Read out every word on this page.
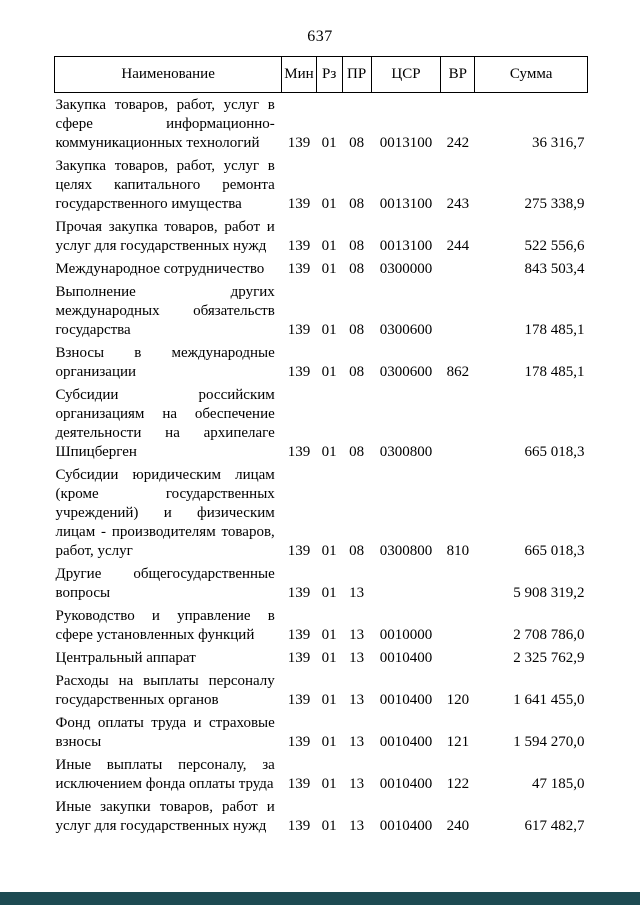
637
Наименование	Мин	Рз	ПР	ЦСР	ВР	Сумма
Закупка товаров, работ, услуг в сфере информационно-коммуникационных технологий	139	01	08	0013100	242	36 316,7
Закупка товаров, работ, услуг в целях капитального ремонта государственного имущества	139	01	08	0013100	243	275 338,9
Прочая закупка товаров, работ и услуг для государственных нужд	139	01	08	0013100	244	522 556,6
Международное сотрудничество	139	01	08	0300000		843 503,4
Выполнение других международных обязательств государства	139	01	08	0300600		178 485,1
Взносы в международные организации	139	01	08	0300600	862	178 485,1
Субсидии российским организациям на обеспечение деятельности на архипелаге Шпицберген	139	01	08	0300800		665 018,3
Субсидии юридическим лицам (кроме государственных учреждений) и физическим лицам - производителям товаров, работ, услуг	139	01	08	0300800	810	665 018,3
Другие общегосударственные вопросы	139	01	13			5 908 319,2
Руководство и управление в сфере установленных функций	139	01	13	0010000		2 708 786,0
Центральный аппарат	139	01	13	0010400		2 325 762,9
Расходы на выплаты персоналу государственных органов	139	01	13	0010400	120	1 641 455,0
Фонд оплаты труда и страховые взносы	139	01	13	0010400	121	1 594 270,0
Иные выплаты персоналу, за исключением фонда оплаты труда	139	01	13	0010400	122	47 185,0
Иные закупки товаров, работ и услуг для государственных нужд	139	01	13	0010400	240	617 482,7
